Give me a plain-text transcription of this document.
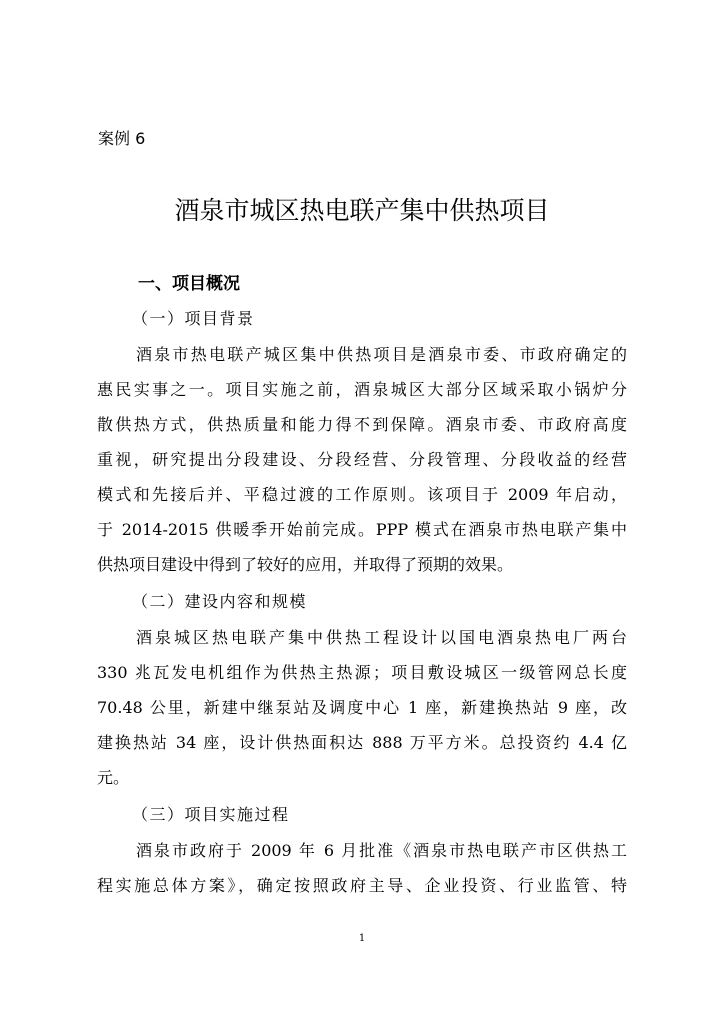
案例 6
酒泉市城区热电联产集中供热项目
一、项目概况
（一）项目背景
酒泉市热电联产城区集中供热项目是酒泉市委、市政府确定的
惠民实事之一。项目实施之前，酒泉城区大部分区域采取小锅炉分
散供热方式，供热质量和能力得不到保障。酒泉市委、市政府高度
重视，研究提出分段建设、分段经营、分段管理、分段收益的经营
模式和先接后并、平稳过渡的工作原则。该项目于 2009 年启动，
于 2014-2015 供暖季开始前完成。PPP 模式在酒泉市热电联产集中
供热项目建设中得到了较好的应用，并取得了预期的效果。
（二）建设内容和规模
酒泉城区热电联产集中供热工程设计以国电酒泉热电厂两台
330 兆瓦发电机组作为供热主热源；项目敷设城区一级管网总长度
70.48 公里，新建中继泵站及调度中心 1 座，新建换热站 9 座，改
建换热站 34 座，设计供热面积达 888 万平方米。总投资约 4.4 亿
元。
（三）项目实施过程
酒泉市政府于 2009 年 6 月批准《酒泉市热电联产市区供热工
程实施总体方案》，确定按照政府主导、企业投资、行业监管、特
1
